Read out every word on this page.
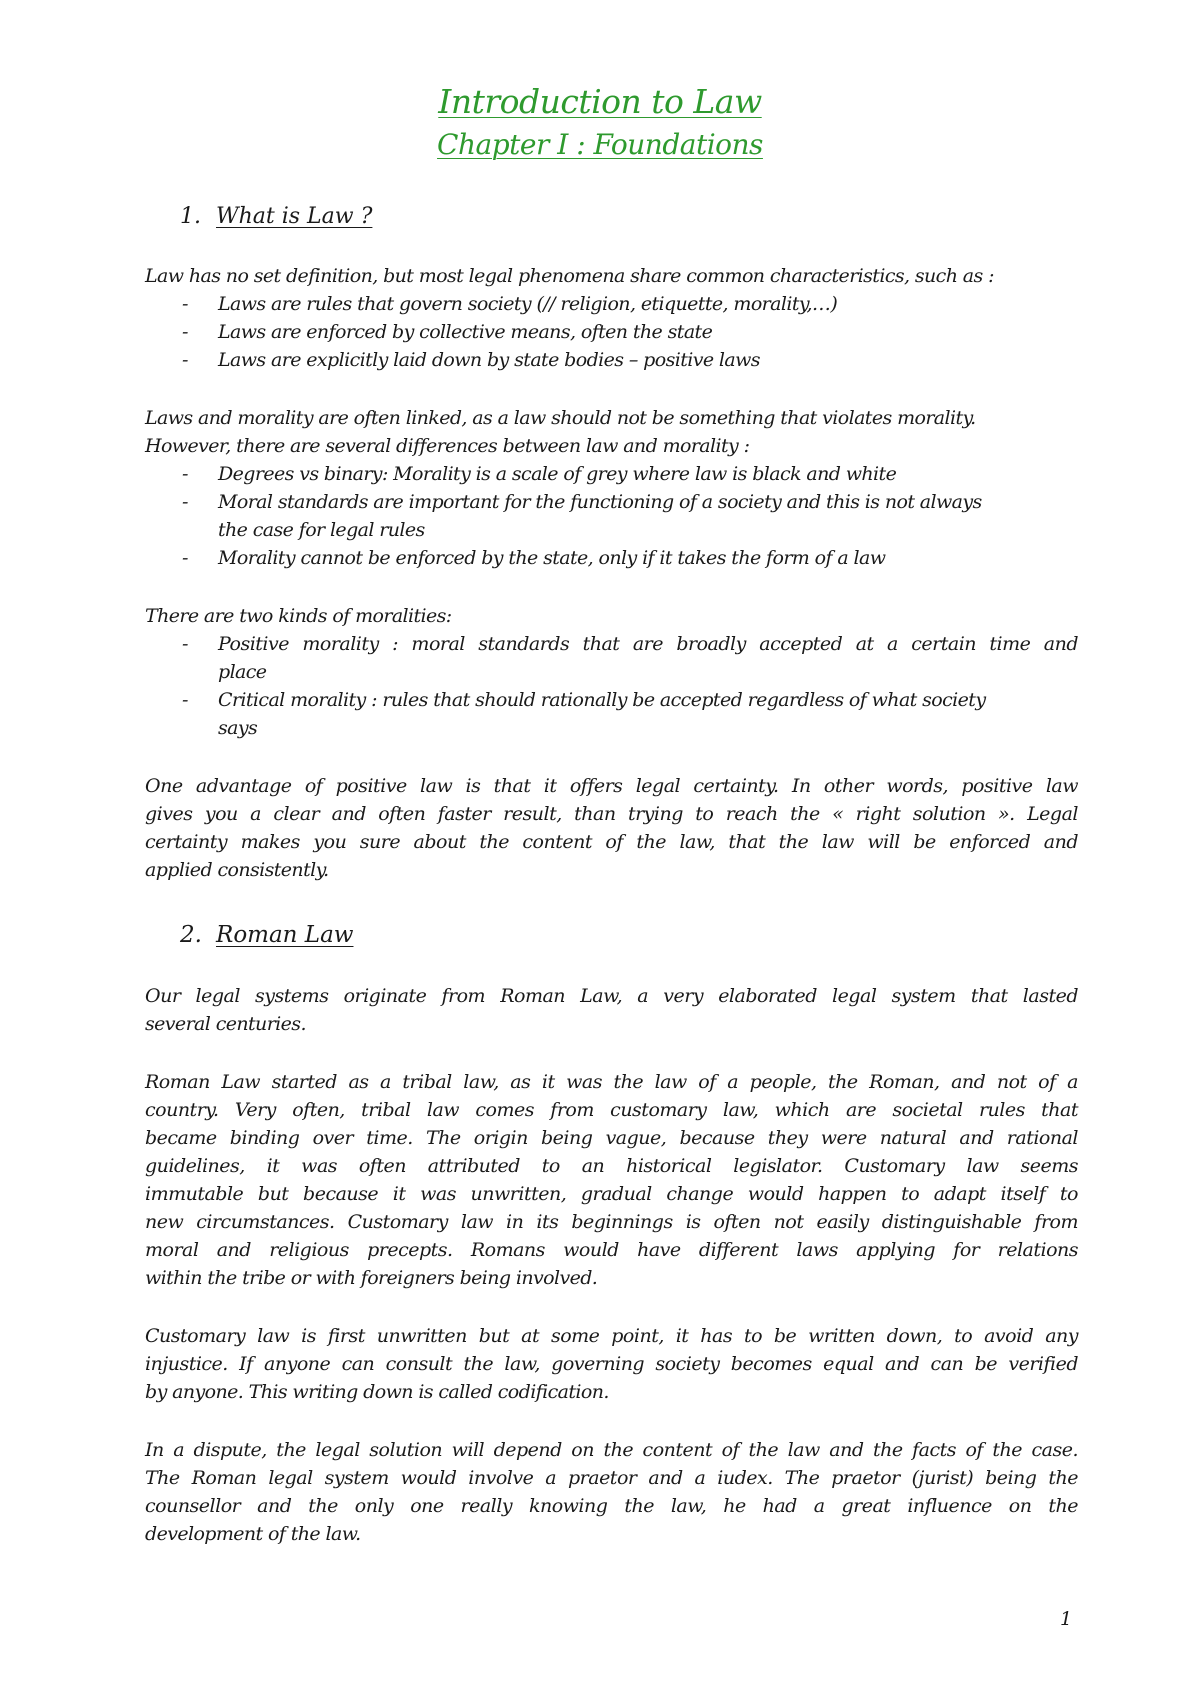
Introduction to Law
Chapter I : Foundations
1. What is Law ?
Law has no set definition, but most legal phenomena share common characteristics, such as :
- Laws are rules that govern society (// religion, etiquette, morality,…)
- Laws are enforced by collective means, often the state
- Laws are explicitly laid down by state bodies – positive laws
Laws and morality are often linked, as a law should not be something that violates morality.
However, there are several differences between law and morality :
- Degrees vs binary: Morality is a scale of grey where law is black and white
- Moral standards are important for the functioning of a society and this is not always
the case for legal rules
- Morality cannot be enforced by the state, only if it takes the form of a law
There are two kinds of moralities:
- Positive morality : moral standards that are broadly accepted at a certain time and
place
- Critical morality : rules that should rationally be accepted regardless of what society
says
One advantage of positive law is that it offers legal certainty. In other words, positive law
gives you a clear and often faster result, than trying to reach the « right solution ». Legal
certainty makes you sure about the content of the law, that the law will be enforced and
applied consistently.
2. Roman Law
Our legal systems originate from Roman Law, a very elaborated legal system that lasted
several centuries.
Roman Law started as a tribal law, as it was the law of a people, the Roman, and not of a
country. Very often, tribal law comes from customary law, which are societal rules that
became binding over time. The origin being vague, because they were natural and rational
guidelines, it was often attributed to an historical legislator. Customary law seems
immutable but because it was unwritten, gradual change would happen to adapt itself to
new circumstances. Customary law in its beginnings is often not easily distinguishable from
moral and religious precepts. Romans would have different laws applying for relations
within the tribe or with foreigners being involved.
Customary law is first unwritten but at some point, it has to be written down, to avoid any
injustice. If anyone can consult the law, governing society becomes equal and can be verified
by anyone. This writing down is called codification.
In a dispute, the legal solution will depend on the content of the law and the facts of the case.
The Roman legal system would involve a praetor and a iudex. The praetor (jurist) being the
counsellor and the only one really knowing the law, he had a great influence on the
development of the law.
1
